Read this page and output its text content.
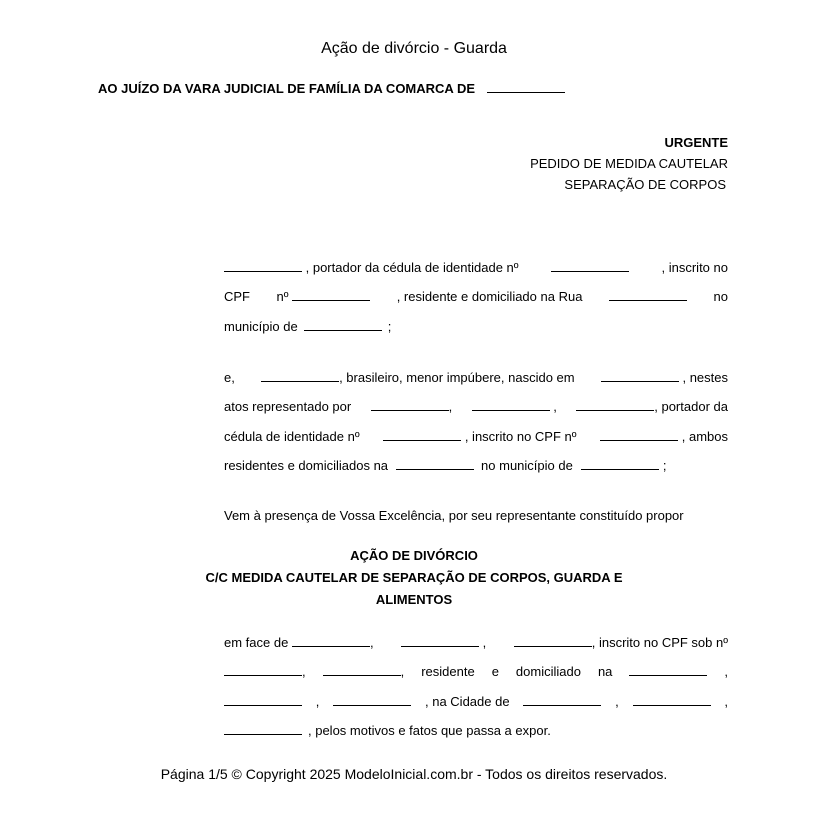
Ação de divórcio - Guarda
AO JUÍZO DA VARA JUDICIAL DE FAMÍLIA DA COMARCA DE
URGENTE
PEDIDO DE MEDIDA CAUTELAR
SEPARAÇÃO DE CORPOS
, portador da cédula de identidade nº	, inscrito no
CPF nº	, residente e domiciliado na Rua	no
município de	;
e,	, brasileiro, menor impúbere, nascido em	, nestes
atos representado por	,	,	, portador da
cédula de identidade nº	, inscrito no CPF nº	, ambos
residentes e domiciliados na	no município de	;
Vem à presença de Vossa Excelência, por seu representante constituído propor
AÇÃO DE DIVÓRCIO
C/C MEDIDA CAUTELAR DE SEPARAÇÃO DE CORPOS, GUARDA E
ALIMENTOS
em face de	,	,	, inscrito no CPF sob nº
,	, residente e domiciliado na	,
,	, na Cidade de	,	,
, pelos motivos e fatos que passa a expor.
Página 1/5 © Copyright 2025 ModeloInicial.com.br - Todos os direitos reservados.
